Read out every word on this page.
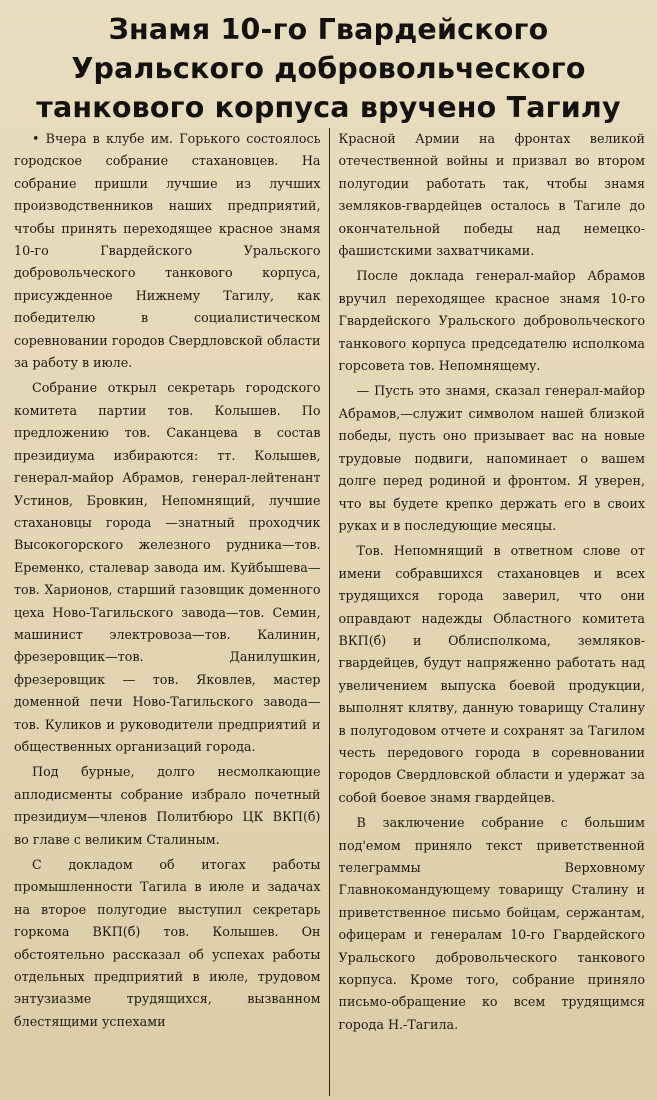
Знамя 10-го Гвардейского Уральского добровольческого танкового корпуса вручено Тагилу

• Вчера в клубе им. Горького состоялось городское собрание стахановцев. На собрание пришли лучшие из лучших производственников наших предприятий, чтобы принять переходящее красное знамя 10-го Гвардейского Уральского добровольческого танкового корпуса, присужденное Нижнему Тагилу, как победителю в социалистическом соревновании городов Свердловской области за работу в июле.

Собрание открыл секретарь городского комитета партии тов. Колышев. По предложению тов. Саканцева в состав президиума избираются: тт. Колышев, генерал-майор Абрамов, генерал-лейтенант Устинов, Бровкин, Непомнящий, лучшие стахановцы города —знатный проходчик Высокогорского железного рудника—тов. Еременко, сталевар завода им. Куйбышева—тов. Харионов, старший газовщик доменного цеха Ново-Тагильского завода—тов. Семин, машинист электровоза—тов. Калинин, фрезеровщик—тов. Данилушкин, фрезеровщик — тов. Яковлев, мастер доменной печи Ново-Тагильского завода—тов. Куликов и руководители предприятий и общественных организаций города.

Под бурные, долго несмолкающие аплодисменты собрание избрало почетный президиум—членов Политбюро ЦК ВКП(б) во главе с великим Сталиным.

С докладом об итогах работы промышленности Тагила в июле и задачах на второе полугодие выступил секретарь горкома ВКП(б) тов. Колышев. Он обстоятельно рассказал об успехах работы отдельных предприятий в июле, трудовом энтузиазме трудящихся, вызванном блестящими успехами

Красной Армии на фронтах великой отечественной войны и призвал во втором полугодии работать так, чтобы знамя земляков-гвардейцев осталось в Тагиле до окончательной победы над немецко-фашистскими захватчиками.

После доклада генерал-майор Абрамов вручил переходящее красное знамя 10-го Гвардейского Уральского добровольческого танкового корпуса председателю исполкома горсовета тов. Непомнящему.

— Пусть это знамя, сказал генерал-майор Абрамов,—служит символом нашей близкой победы, пусть оно призывает вас на новые трудовые подвиги, напоминает о вашем долге перед родиной и фронтом. Я уверен, что вы будете крепко держать его в своих руках и в последующие месяцы.

Тов. Непомнящий в ответном слове от имени собравшихся стахановцев и всех трудящихся города заверил, что они оправдают надежды Областного комитета ВКП(б) и Облисполкома, земляков-гвардейцев, будут напряженно работать над увеличением выпуска боевой продукции, выполнят клятву, данную товарищу Сталину в полугодовом отчете и сохранят за Тагилом честь передового города в соревновании городов Свердловской области и удержат за собой боевое знамя гвардейцев.

В заключение собрание с большим под'емом приняло текст приветственной телеграммы Верховному Главнокомандующему товарищу Сталину и приветственное письмо бойцам, сержантам, офицерам и генералам 10-го Гвардейского Уральского добровольческого танкового корпуса. Кроме того, собрание приняло письмо-обращение ко всем трудящимся города Н.-Тагила.
